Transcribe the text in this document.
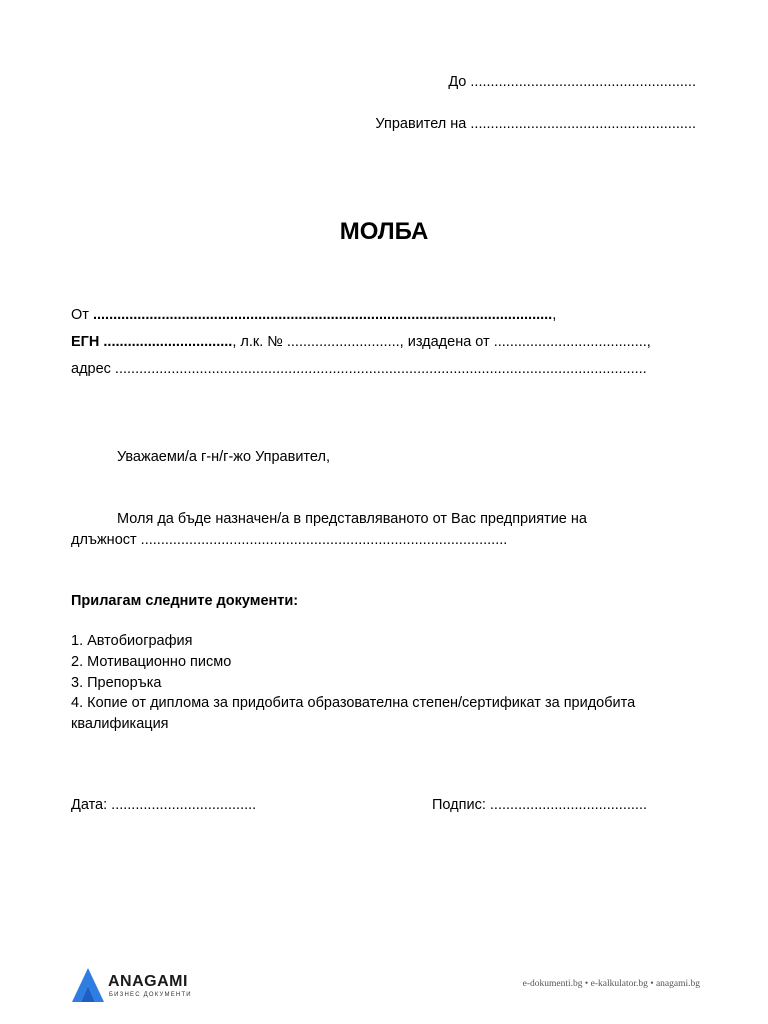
До ........................................................
Управител на ........................................................
МОЛБА
От ..................................................................................................................,
ЕГН ................................, л.к. № ............................, издадена от ......................................,
адрес ....................................................................................................................................
Уважаеми/а г-н/г-жо Управител,
Моля да бъде назначен/а в представляваното от Вас предприятие на
длъжност ...........................................................................................
Прилагам следните документи:
1. Автобиография
2. Мотивационно писмо
3. Препоръка
4. Копие от диплома за придобита образователна степен/сертификат за придобита
квалификация
Дата: ....................................	Подпис: .......................................
ANAGAMI
БИЗНЕС ДОКУМЕНТИ
e-dokumenti.bg • e-kalkulator.bg • anagami.bg
